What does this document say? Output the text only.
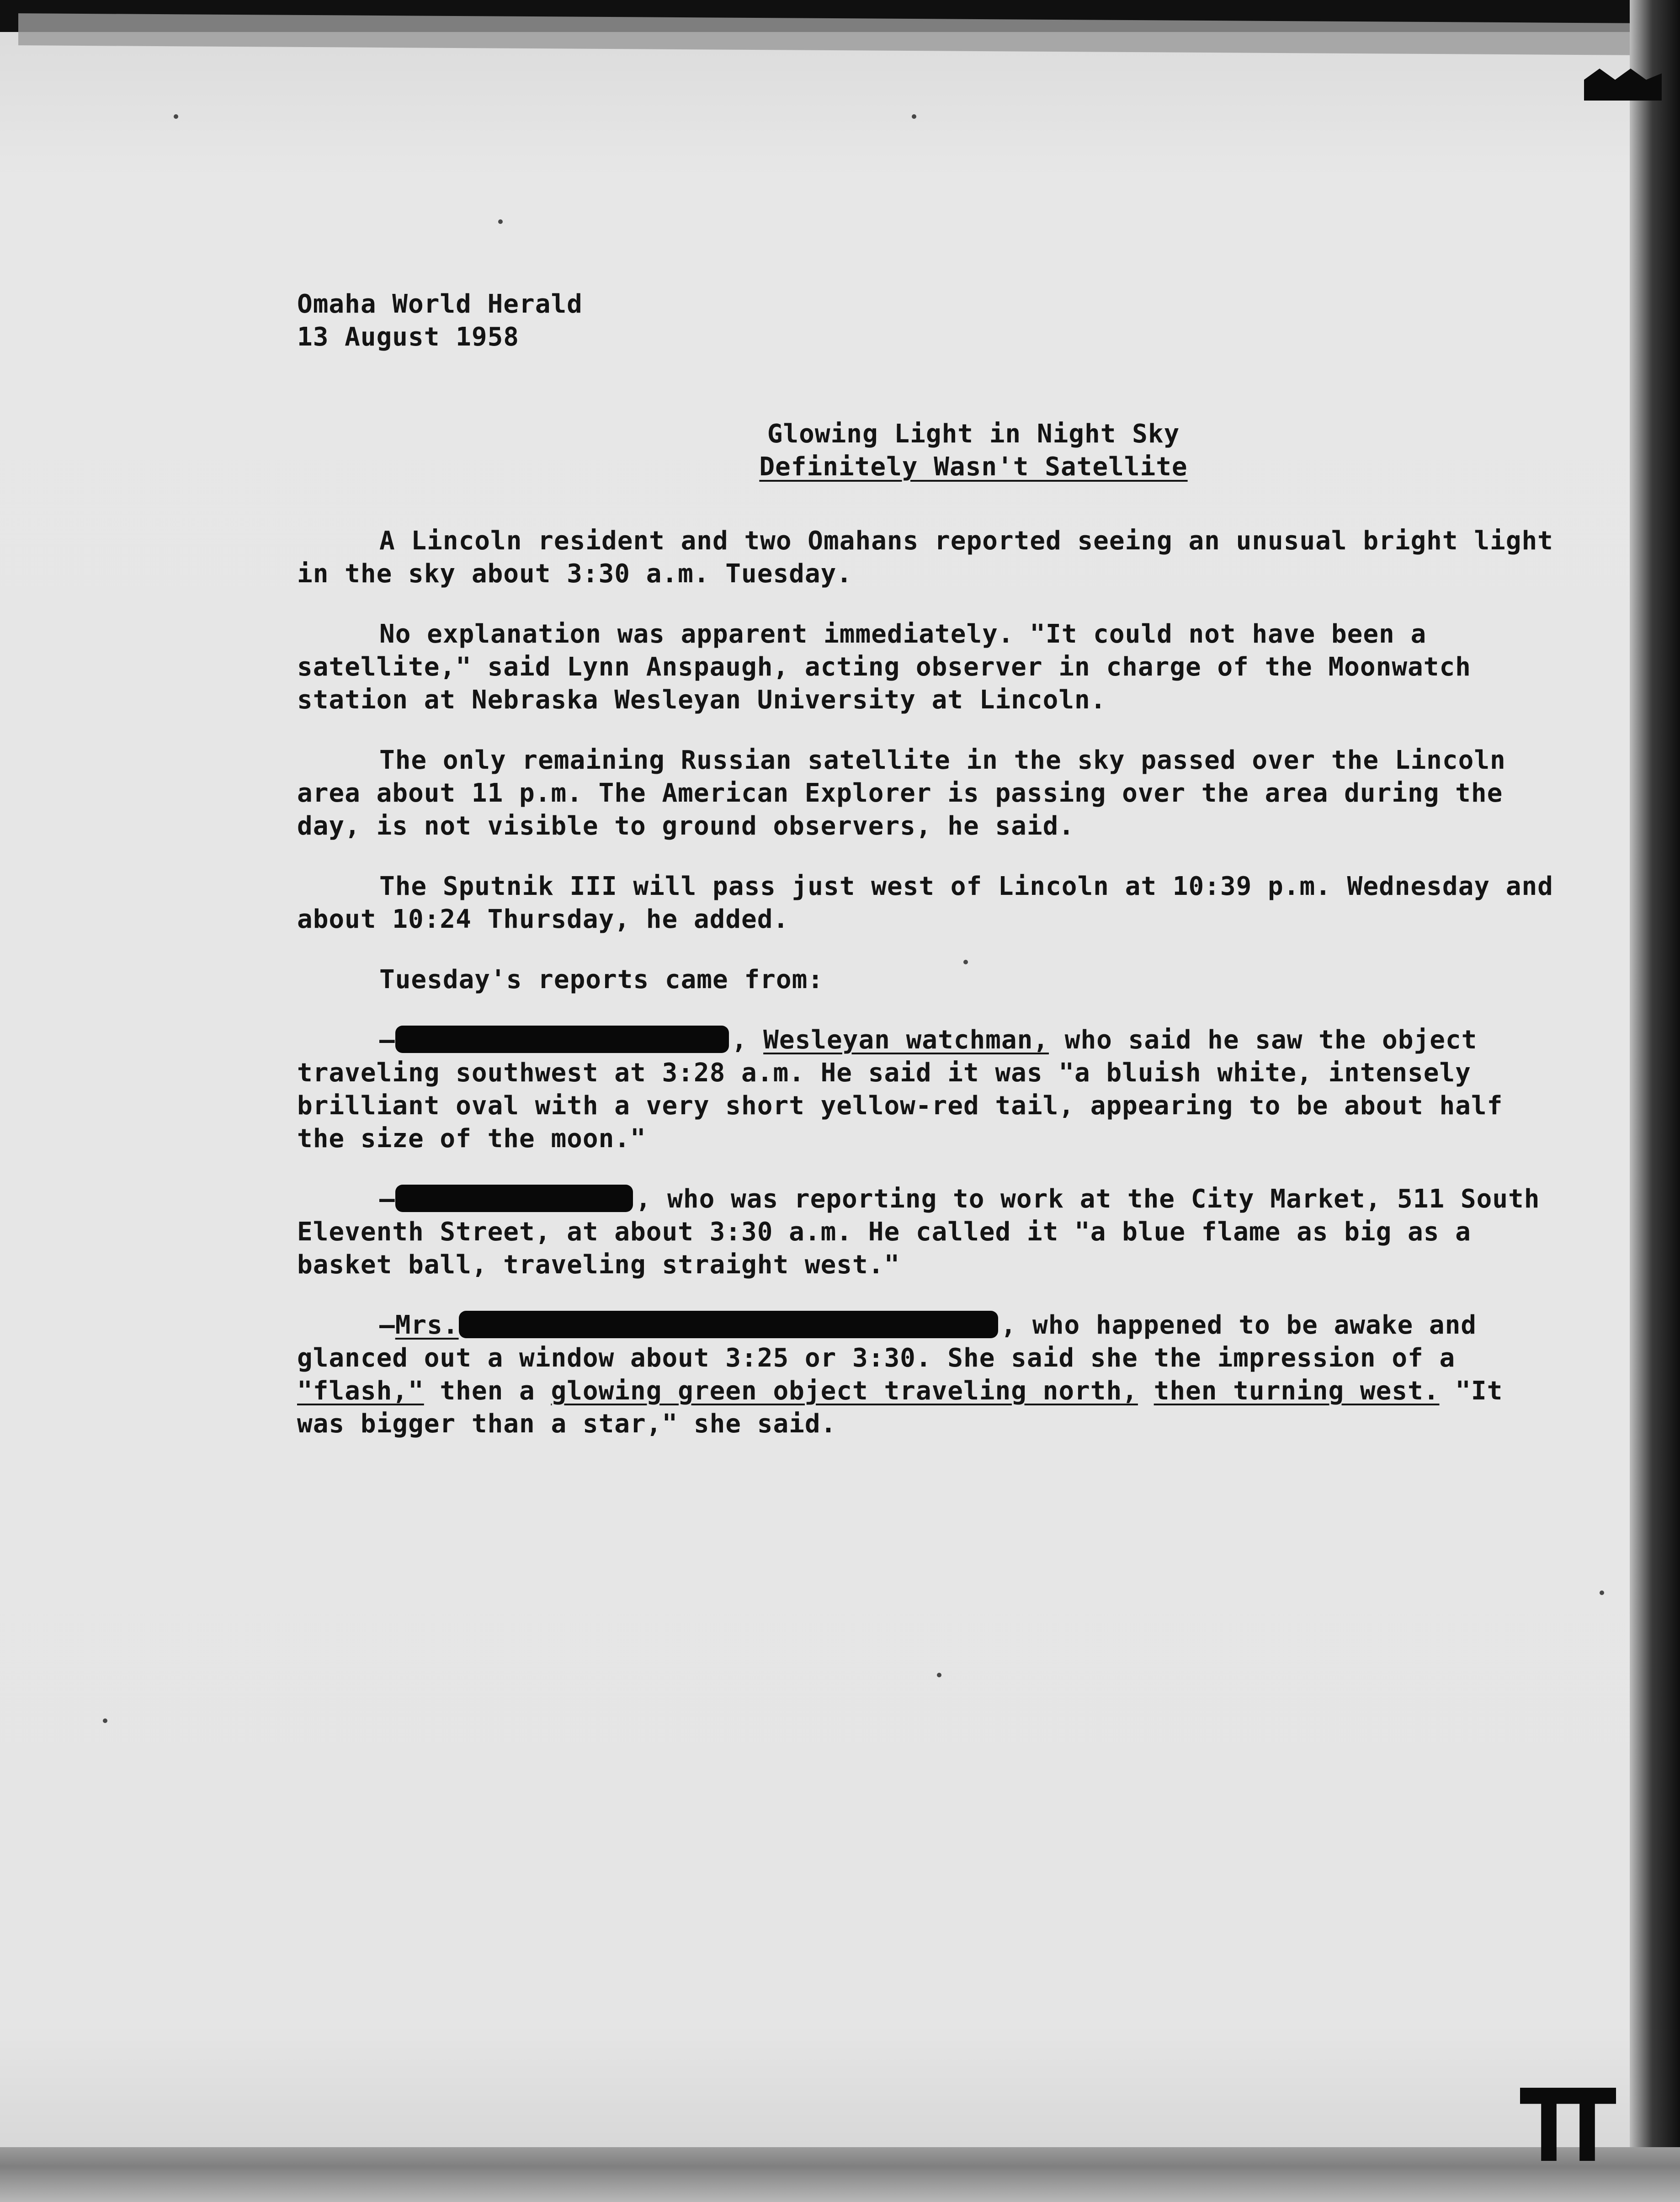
Omaha World Herald
13 August 1958
Glowing Light in Night Sky
Definitely Wasn't Satellite

A Lincoln resident and two Omahans reported seeing an unusual bright light in the sky about 3:30 a.m. Tuesday.

No explanation was apparent immediately. "It could not have been a satellite," said Lynn Anspaugh, acting observer in charge of the Moonwatch station at Nebraska Wesleyan University at Lincoln.

The only remaining Russian satellite in the sky passed over the Lincoln area about 11 p.m. The American Explorer is passing over the area during the day, is not visible to ground observers, he said.

The Sputnik III will pass just west of Lincoln at 10:39 p.m. Wednesday and about 10:24 Thursday, he added.

Tuesday's reports came from:

—	, Wesleyan watchman, who said he saw the object traveling southwest at 3:28 a.m. He said it was "a bluish white, intensely brilliant oval with a very short yellow-red tail, appearing to be about half the size of the moon."

—	, who was reporting to work at the City Market, 511 South Eleventh Street, at about 3:30 a.m. He called it "a blue flame as big as a basket ball, traveling straight west."

—Mrs.	, who happened to be awake and glanced out a window about 3:25 or 3:30. She said she the impression of a "flash," then a glowing green object traveling north, then turning west. "It was bigger than a star," she said.
